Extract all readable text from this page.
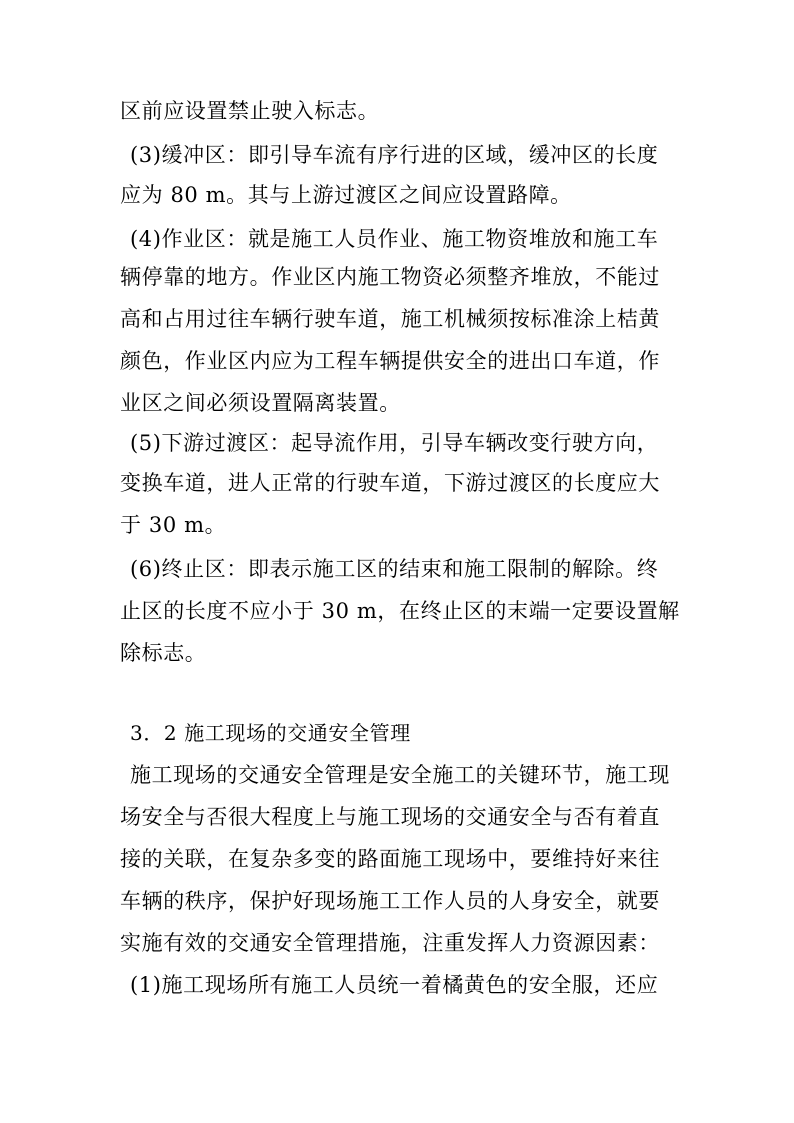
区前应设置禁止驶入标志。
(3)缓冲区：即引导车流有序行进的区域，缓冲区的长度
应为 80 m。其与上游过渡区之间应设置路障。
(4)作业区：就是施工人员作业、施工物资堆放和施工车
辆停靠的地方。作业区内施工物资必须整齐堆放，不能过
高和占用过往车辆行驶车道，施工机械须按标准涂上桔黄
颜色，作业区内应为工程车辆提供安全的进出口车道，作
业区之间必须设置隔离装置。
(5)下游过渡区：起导流作用，引导车辆改变行驶方向，
变换车道，进人正常的行驶车道，下游过渡区的长度应大
于 30 m。
(6)终止区：即表示施工区的结束和施工限制的解除。终
止区的长度不应小于 30 m，在终止区的末端一定要设置解
除标志。
3．2 施工现场的交通安全管理
施工现场的交通安全管理是安全施工的关键环节，施工现
场安全与否很大程度上与施工现场的交通安全与否有着直
接的关联，在复杂多变的路面施工现场中，要维持好来往
车辆的秩序，保护好现场施工工作人员的人身安全，就要
实施有效的交通安全管理措施，注重发挥人力资源因素：
(1)施工现场所有施工人员统一着橘黄色的安全服，还应
